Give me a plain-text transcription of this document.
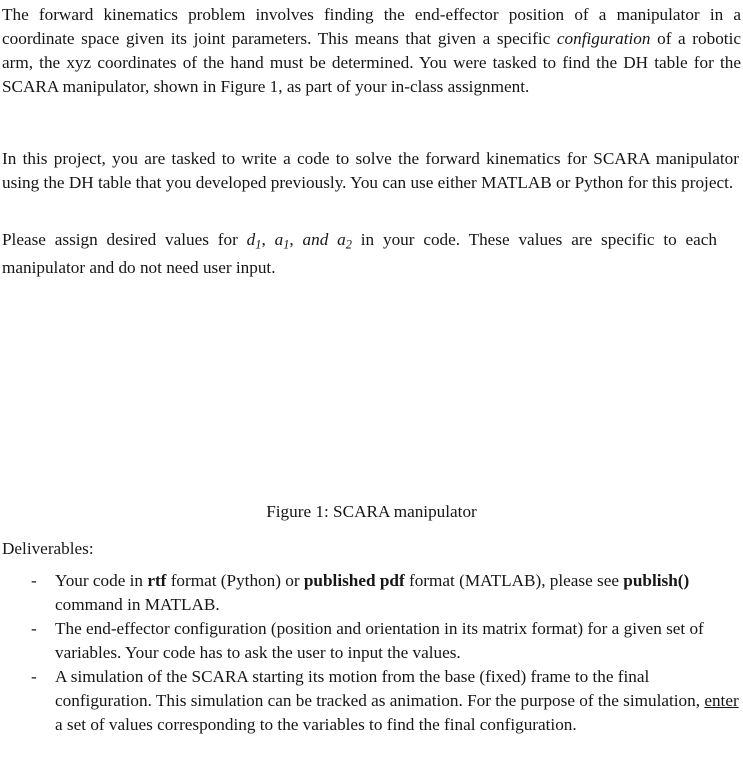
The forward kinematics problem involves finding the end-effector position of a manipulator in a coordinate space given its joint parameters. This means that given a specific configuration of a robotic arm, the xyz coordinates of the hand must be determined. You were tasked to find the DH table for the SCARA manipulator, shown in Figure 1, as part of your in-class assignment.

In this project, you are tasked to write a code to solve the forward kinematics for SCARA manipulator using the DH table that you developed previously. You can use either MATLAB or Python for this project.

Please assign desired values for $d_1$, $a_1$, and $a_2$ in your code. These values are specific to each manipulator and do not need user input.

Figure 1: SCARA manipulator
Deliverables:
-	Your code in rtf format (Python) or published pdf format (MATLAB), please see publish() command in MATLAB.
-	The end-effector configuration (position and orientation in its matrix format) for a given set of variables. Your code has to ask the user to input the values.
-	A simulation of the SCARA starting its motion from the base (fixed) frame to the final configuration. This simulation can be tracked as animation. For the purpose of the simulation, enter a set of values corresponding to the variables to find the final configuration.
